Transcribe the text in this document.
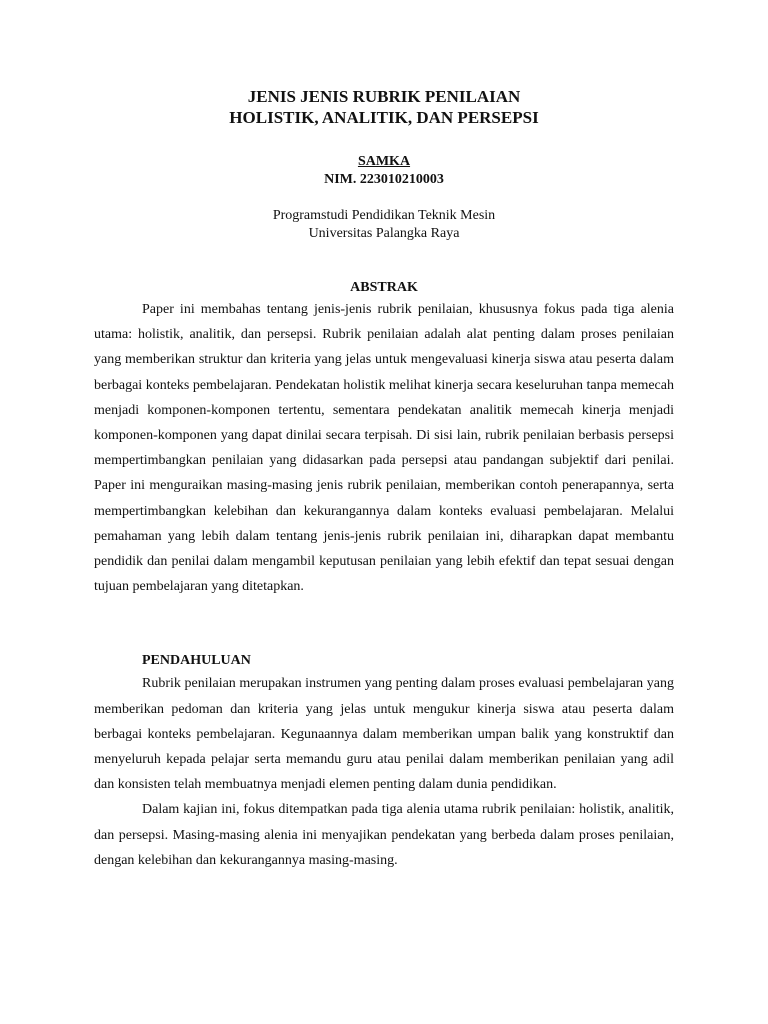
JENIS JENIS RUBRIK PENILAIAN

HOLISTIK, ANALITIK, DAN PERSEPSI

SAMKA
NIM. 223010210003
Programstudi Pendidikan Teknik Mesin
Universitas Palangka Raya
ABSTRAK

Paper ini membahas tentang jenis-jenis rubrik penilaian, khususnya fokus pada tiga alenia utama: holistik, analitik, dan persepsi. Rubrik penilaian adalah alat penting dalam proses penilaian yang memberikan struktur dan kriteria yang jelas untuk mengevaluasi kinerja siswa atau peserta dalam berbagai konteks pembelajaran. Pendekatan holistik melihat kinerja secara keseluruhan tanpa memecah menjadi komponen-komponen tertentu, sementara pendekatan analitik memecah kinerja menjadi komponen-komponen yang dapat dinilai secara terpisah. Di sisi lain, rubrik penilaian berbasis persepsi mempertimbangkan penilaian yang didasarkan pada persepsi atau pandangan subjektif dari penilai. Paper ini menguraikan masing-masing jenis rubrik penilaian, memberikan contoh penerapannya, serta mempertimbangkan kelebihan dan kekurangannya dalam konteks evaluasi pembelajaran. Melalui pemahaman yang lebih dalam tentang jenis-jenis rubrik penilaian ini, diharapkan dapat membantu pendidik dan penilai dalam mengambil keputusan penilaian yang lebih efektif dan tepat sesuai dengan tujuan pembelajaran yang ditetapkan.

PENDAHULUAN

Rubrik penilaian merupakan instrumen yang penting dalam proses evaluasi pembelajaran yang memberikan pedoman dan kriteria yang jelas untuk mengukur kinerja siswa atau peserta dalam berbagai konteks pembelajaran. Kegunaannya dalam memberikan umpan balik yang konstruktif dan menyeluruh kepada pelajar serta memandu guru atau penilai dalam memberikan penilaian yang adil dan konsisten telah membuatnya menjadi elemen penting dalam dunia pendidikan.

Dalam kajian ini, fokus ditempatkan pada tiga alenia utama rubrik penilaian: holistik, analitik, dan persepsi. Masing-masing alenia ini menyajikan pendekatan yang berbeda dalam proses penilaian, dengan kelebihan dan kekurangannya masing-masing.
